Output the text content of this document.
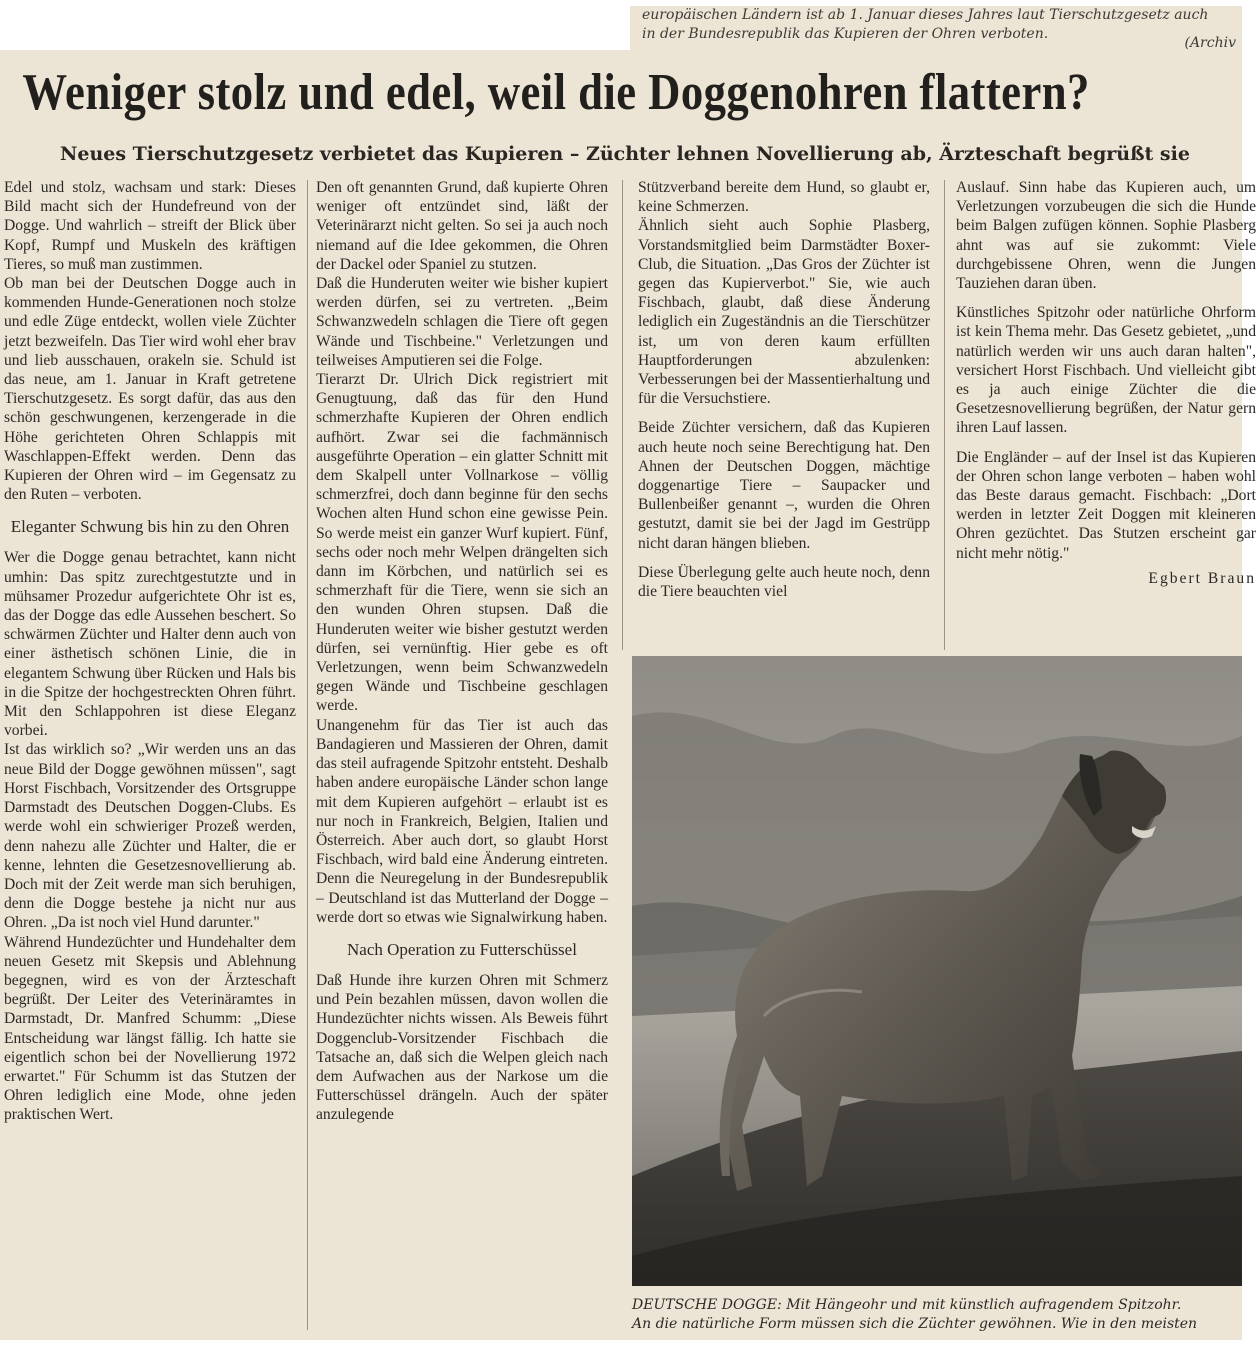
europäischen Ländern ist ab 1. Januar dieses Jahres laut Tierschutzgesetz auch

in der Bundesrepublik das Kupieren der Ohren verboten.

(Archiv
Weniger stolz und edel, weil die Doggenohren flattern?
Neues Tierschutzgesetz verbietet das Kupieren – Züchter lehnen Novellierung ab, Ärzteschaft begrüßt sie

Edel und stolz, wachsam und stark: Dieses Bild macht sich der Hundefreund von der Dogge. Und wahrlich – streift der Blick über Kopf, Rumpf und Muskeln des kräftigen Tieres, so muß man zustimmen.

Ob man bei der Deutschen Dogge auch in kommenden Hunde-Generationen noch stolze und edle Züge entdeckt, wollen viele Züchter jetzt bezweifeln. Das Tier wird wohl eher brav und lieb ausschauen, orakeln sie. Schuld ist das neue, am 1. Januar in Kraft getretene Tierschutzgesetz. Es sorgt dafür, das aus den schön geschwungenen, kerzengerade in die Höhe gerichteten Ohren Schlappis mit Waschlappen-Effekt werden. Denn das Kupieren der Ohren wird – im Gegensatz zu den Ruten – verboten.

Eleganter Schwung bis hin zu den Ohren

Wer die Dogge genau betrachtet, kann nicht umhin: Das spitz zurechtgestutzte und in mühsamer Prozedur aufgerichtete Ohr ist es, das der Dogge das edle Aussehen beschert. So schwärmen Züchter und Halter denn auch von einer ästhetisch schönen Linie, die in elegantem Schwung über Rücken und Hals bis in die Spitze der hochgestreckten Ohren führt. Mit den Schlappohren ist diese Eleganz vorbei.

Ist das wirklich so? „Wir werden uns an das neue Bild der Dogge gewöhnen müssen", sagt Horst Fischbach, Vorsitzender des Ortsgruppe Darmstadt des Deutschen Doggen-Clubs. Es werde wohl ein schwieriger Prozeß werden, denn nahezu alle Züchter und Halter, die er kenne, lehnten die Gesetzesnovellierung ab. Doch mit der Zeit werde man sich beruhigen, denn die Dogge bestehe ja nicht nur aus Ohren. „Da ist noch viel Hund darunter."

Während Hundezüchter und Hundehalter dem neuen Gesetz mit Skepsis und Ablehnung begegnen, wird es von der Ärzteschaft begrüßt. Der Leiter des Veterinäramtes in Darmstadt, Dr. Manfred Schumm: „Diese Entscheidung war längst fällig. Ich hatte sie eigentlich schon bei der Novellierung 1972 erwartet." Für Schumm ist das Stutzen der Ohren lediglich eine Mode, ohne jeden praktischen Wert.

Den oft genannten Grund, daß kupierte Ohren weniger oft entzündet sind, läßt der Veterinärarzt nicht gelten. So sei ja auch noch niemand auf die Idee gekommen, die Ohren der Dackel oder Spaniel zu stutzen.

Daß die Hunderuten weiter wie bisher kupiert werden dürfen, sei zu vertreten. „Beim Schwanzwedeln schlagen die Tiere oft gegen Wände und Tischbeine." Verletzungen und teilweises Amputieren sei die Folge.

Tierarzt Dr. Ulrich Dick registriert mit Genugtuung, daß das für den Hund schmerzhafte Kupieren der Ohren endlich aufhört. Zwar sei die fachmännisch ausgeführte Operation – ein glatter Schnitt mit dem Skalpell unter Vollnarkose – völlig schmerzfrei, doch dann beginne für den sechs Wochen alten Hund schon eine gewisse Pein. So werde meist ein ganzer Wurf kupiert. Fünf, sechs oder noch mehr Welpen drängelten sich dann im Körbchen, und natürlich sei es schmerzhaft für die Tiere, wenn sie sich an den wunden Ohren stupsen. Daß die Hunderuten weiter wie bisher gestutzt werden dürfen, sei vernünftig. Hier gebe es oft Verletzungen, wenn beim Schwanzwedeln gegen Wände und Tischbeine geschlagen werde.

Unangenehm für das Tier ist auch das Bandagieren und Massieren der Ohren, damit das steil aufragende Spitzohr entsteht. Deshalb haben andere europäische Länder schon lange mit dem Kupieren aufgehört – erlaubt ist es nur noch in Frankreich, Belgien, Italien und Österreich. Aber auch dort, so glaubt Horst Fischbach, wird bald eine Änderung eintreten. Denn die Neuregelung in der Bundesrepublik – Deutschland ist das Mutterland der Dogge – werde dort so etwas wie Signalwirkung haben.

Nach Operation zu Futterschüssel

Daß Hunde ihre kurzen Ohren mit Schmerz und Pein bezahlen müssen, davon wollen die Hundezüchter nichts wissen. Als Beweis führt Doggenclub-Vorsitzender Fischbach die Tatsache an, daß sich die Welpen gleich nach dem Aufwachen aus der Narkose um die Futterschüssel drängeln. Auch der später anzulegende

Stützverband bereite dem Hund, so glaubt er, keine Schmerzen.

Ähnlich sieht auch Sophie Plasberg, Vorstandsmitglied beim Darmstädter Boxer-Club, die Situation. „Das Gros der Züchter ist gegen das Kupierverbot." Sie, wie auch Fischbach, glaubt, daß diese Änderung lediglich ein Zugeständnis an die Tierschützer ist, um von deren kaum erfüllten Hauptforderungen abzulenken: Verbesserungen bei der Massentierhaltung und für die Versuchstiere.

Beide Züchter versichern, daß das Kupieren auch heute noch seine Berechtigung hat. Den Ahnen der Deutschen Doggen, mächtige doggenartige Tiere – Saupacker und Bullenbeißer genannt –, wurden die Ohren gestutzt, damit sie bei der Jagd im Gestrüpp nicht daran hängen blieben.

Diese Überlegung gelte auch heute noch, denn die Tiere beauchten viel

Auslauf. Sinn habe das Kupieren auch, um Verletzungen vorzubeugen die sich die Hunde beim Balgen zufügen können. Sophie Plasberg ahnt was auf sie zukommt: Viele durchgebissene Ohren, wenn die Jungen Tauziehen daran üben.

Künstliches Spitzohr oder natürliche Ohrform ist kein Thema mehr. Das Gesetz gebietet, „und natürlich werden wir uns auch daran halten", versichert Horst Fischbach. Und vielleicht gibt es ja auch einige Züchter die die Gesetzesnovellierung begrüßen, der Natur gern ihren Lauf lassen.

Die Engländer – auf der Insel ist das Kupieren der Ohren schon lange verboten – haben wohl das Beste daraus gemacht. Fischbach: „Dort werden in letzter Zeit Doggen mit kleineren Ohren gezüchtet. Das Stutzen erscheint gar nicht mehr nötig."

Egbert Braun

DEUTSCHE DOGGE: Mit Hängeohr und mit künstlich aufragendem Spitzohr.

An die natürliche Form müssen sich die Züchter gewöhnen. Wie in den meisten
